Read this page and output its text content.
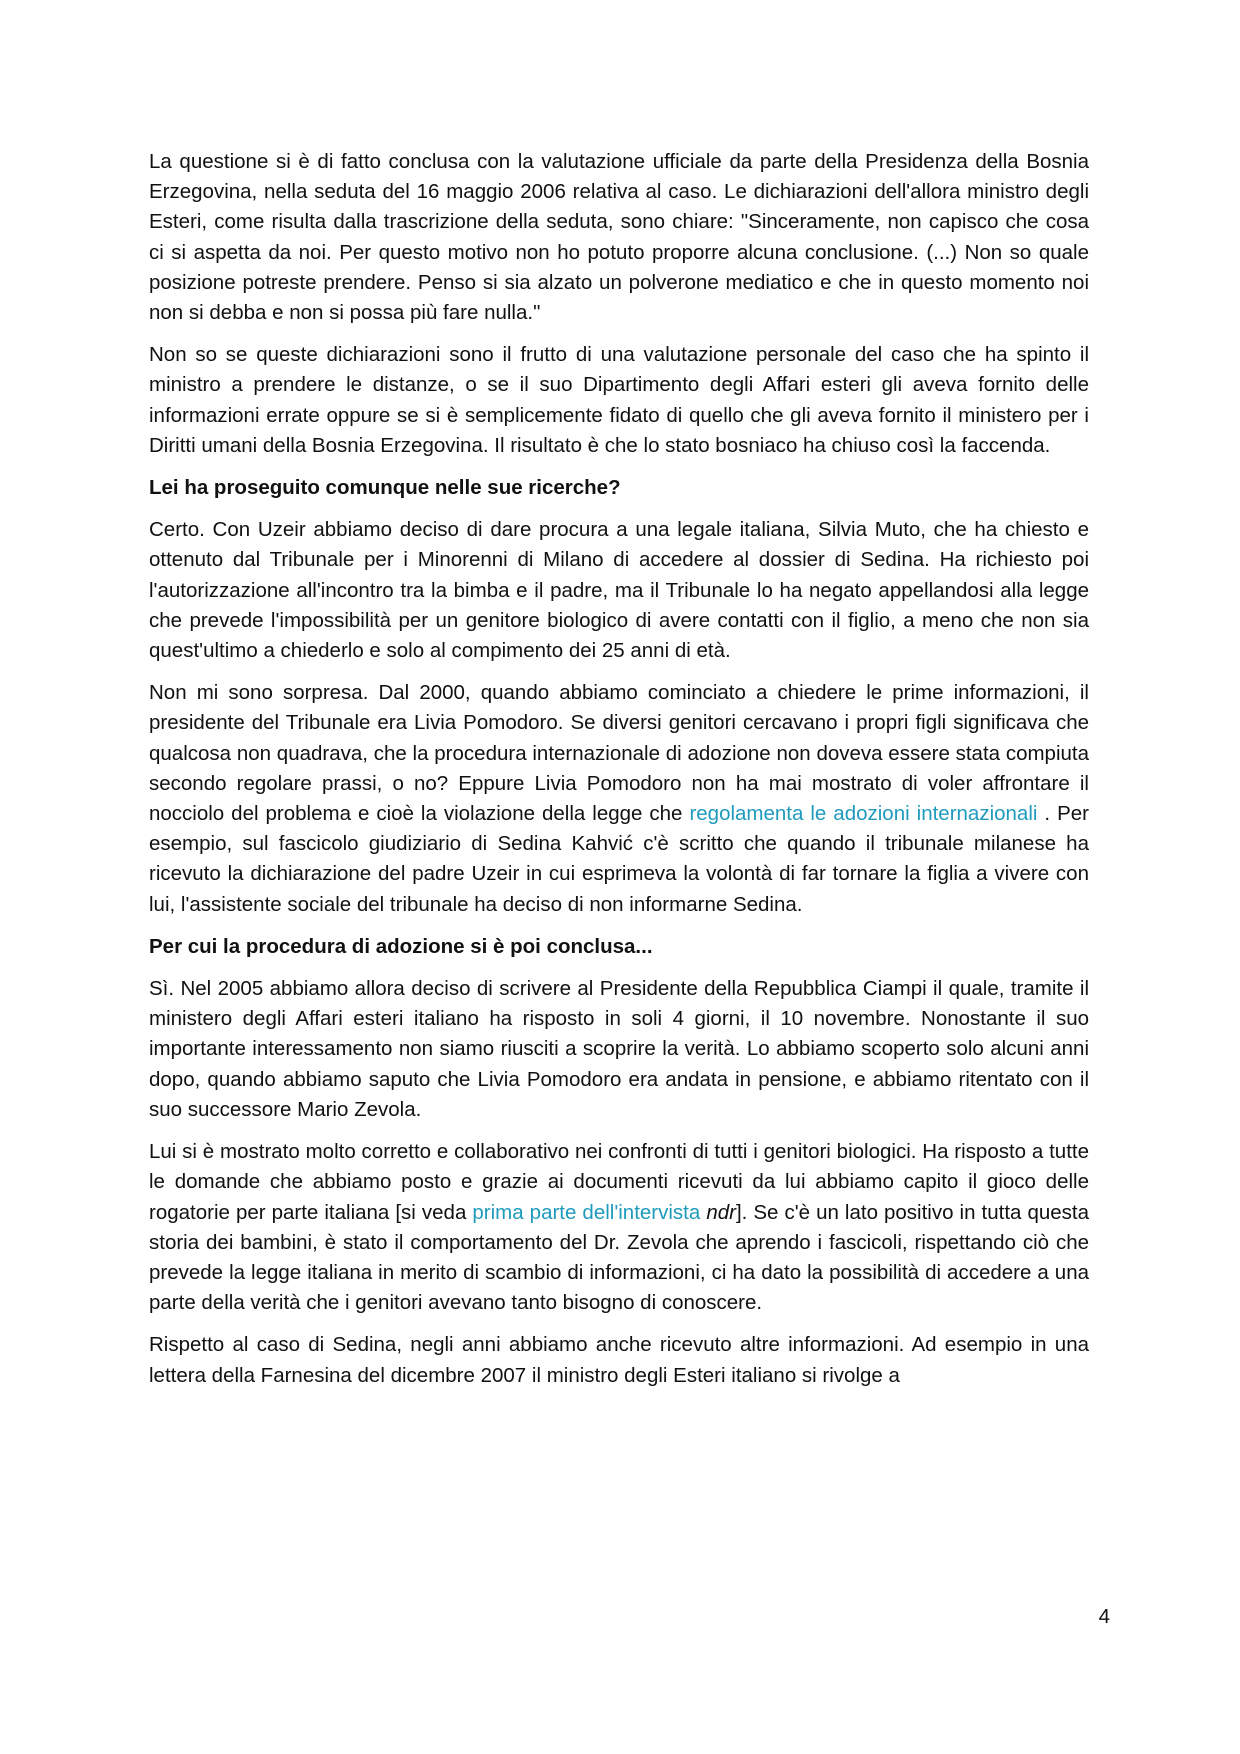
La questione si è di fatto conclusa con la valutazione ufficiale da parte della Presidenza della Bosnia Erzegovina, nella seduta del 16 maggio 2006 relativa al caso. Le dichiarazioni dell'allora ministro degli Esteri, come risulta dalla trascrizione della seduta, sono chiare: "Sinceramente, non capisco che cosa ci si aspetta da noi. Per questo motivo non ho potuto proporre alcuna conclusione. (...) Non so quale posizione potreste prendere. Penso si sia alzato un polverone mediatico e che in questo momento noi non si debba e non si possa più fare nulla."

Non so se queste dichiarazioni sono il frutto di una valutazione personale del caso che ha spinto il ministro a prendere le distanze, o se il suo Dipartimento degli Affari esteri gli aveva fornito delle informazioni errate oppure se si è semplicemente fidato di quello che gli aveva fornito il ministero per i Diritti umani della Bosnia Erzegovina. Il risultato è che lo stato bosniaco ha chiuso così la faccenda.

Lei ha proseguito comunque nelle sue ricerche?

Certo. Con Uzeir abbiamo deciso di dare procura a una legale italiana, Silvia Muto, che ha chiesto e ottenuto dal Tribunale per i Minorenni di Milano di accedere al dossier di Sedina. Ha richiesto poi l'autorizzazione all'incontro tra la bimba e il padre, ma il Tribunale lo ha negato appellandosi alla legge che prevede l'impossibilità per un genitore biologico di avere contatti con il figlio, a meno che non sia quest'ultimo a chiederlo e solo al compimento dei 25 anni di età.

Non mi sono sorpresa. Dal 2000, quando abbiamo cominciato a chiedere le prime informazioni, il presidente del Tribunale era Livia Pomodoro. Se diversi genitori cercavano i propri figli significava che qualcosa non quadrava, che la procedura internazionale di adozione non doveva essere stata compiuta secondo regolare prassi, o no? Eppure Livia Pomodoro non ha mai mostrato di voler affrontare il nocciolo del problema e cioè la violazione della legge che regolamenta le adozioni internazionali . Per esempio, sul fascicolo giudiziario di Sedina Kahvić c'è scritto che quando il tribunale milanese ha ricevuto la dichiarazione del padre Uzeir in cui esprimeva la volontà di far tornare la figlia a vivere con lui, l'assistente sociale del tribunale ha deciso di non informarne Sedina.

Per cui la procedura di adozione si è poi conclusa...

Sì. Nel 2005 abbiamo allora deciso di scrivere al Presidente della Repubblica Ciampi il quale, tramite il ministero degli Affari esteri italiano ha risposto in soli 4 giorni, il 10 novembre. Nonostante il suo importante interessamento non siamo riusciti a scoprire la verità. Lo abbiamo scoperto solo alcuni anni dopo, quando abbiamo saputo che Livia Pomodoro era andata in pensione, e abbiamo ritentato con il suo successore Mario Zevola.

Lui si è mostrato molto corretto e collaborativo nei confronti di tutti i genitori biologici. Ha risposto a tutte le domande che abbiamo posto e grazie ai documenti ricevuti da lui abbiamo capito il gioco delle rogatorie per parte italiana [si veda prima parte dell'intervista ndr]. Se c'è un lato positivo in tutta questa storia dei bambini, è stato il comportamento del Dr. Zevola che aprendo i fascicoli, rispettando ciò che prevede la legge italiana in merito di scambio di informazioni, ci ha dato la possibilità di accedere a una parte della verità che i genitori avevano tanto bisogno di conoscere.

Rispetto al caso di Sedina, negli anni abbiamo anche ricevuto altre informazioni. Ad esempio in una lettera della Farnesina del dicembre 2007 il ministro degli Esteri italiano si rivolge a

4
